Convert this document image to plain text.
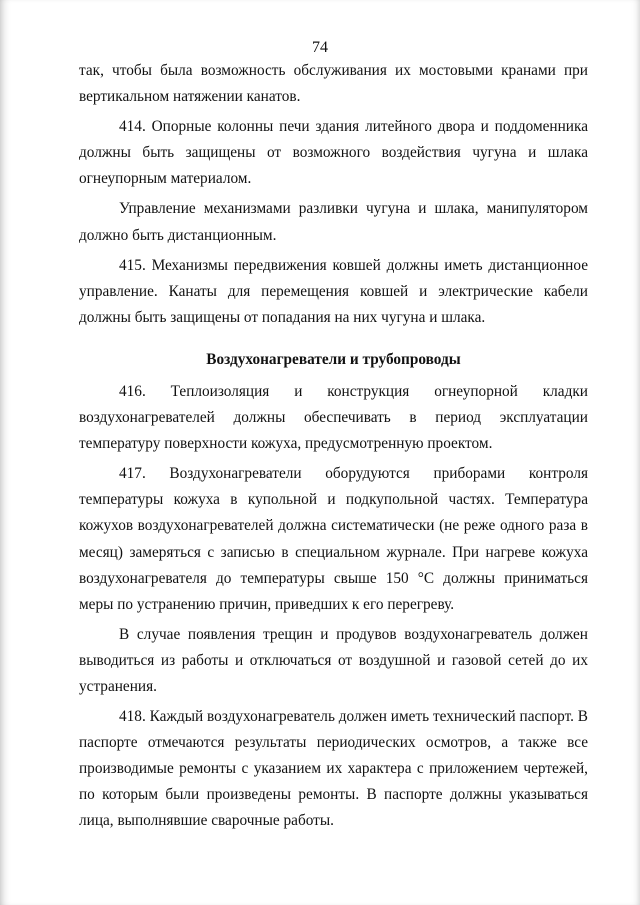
74

так, чтобы была возможность обслуживания их мостовыми кранами при вертикальном натяжении канатов.

414. Опорные колонны печи здания литейного двора и поддоменника должны быть защищены от возможного воздействия чугуна и шлака огнеупорным материалом.

Управление механизмами разливки чугуна и шлака, манипулятором должно быть дистанционным.

415. Механизмы передвижения ковшей должны иметь дистанционное управление. Канаты для перемещения ковшей и электрические кабели должны быть защищены от попадания на них чугуна и шлака.

Воздухонагреватели и трубопроводы

416. Теплоизоляция и конструкция огнеупорной кладки воздухонагревателей должны обеспечивать в период эксплуатации температуру поверхности кожуха, предусмотренную проектом.

417. Воздухонагреватели оборудуются приборами контроля температуры кожуха в купольной и подкупольной частях. Температура кожухов воздухонагревателей должна систематически (не реже одного раза в месяц) замеряться с записью в специальном журнале. При нагреве кожуха воздухонагревателя до температуры свыше 150 °С должны приниматься меры по устранению причин, приведших к его перегреву.

В случае появления трещин и продувов воздухонагреватель должен выводиться из работы и отключаться от воздушной и газовой сетей до их устранения.

418. Каждый воздухонагреватель должен иметь технический паспорт. В паспорте отмечаются результаты периодических осмотров, а также все производимые ремонты с указанием их характера с приложением чертежей, по которым были произведены ремонты. В паспорте должны указываться лица, выполнявшие сварочные работы.
